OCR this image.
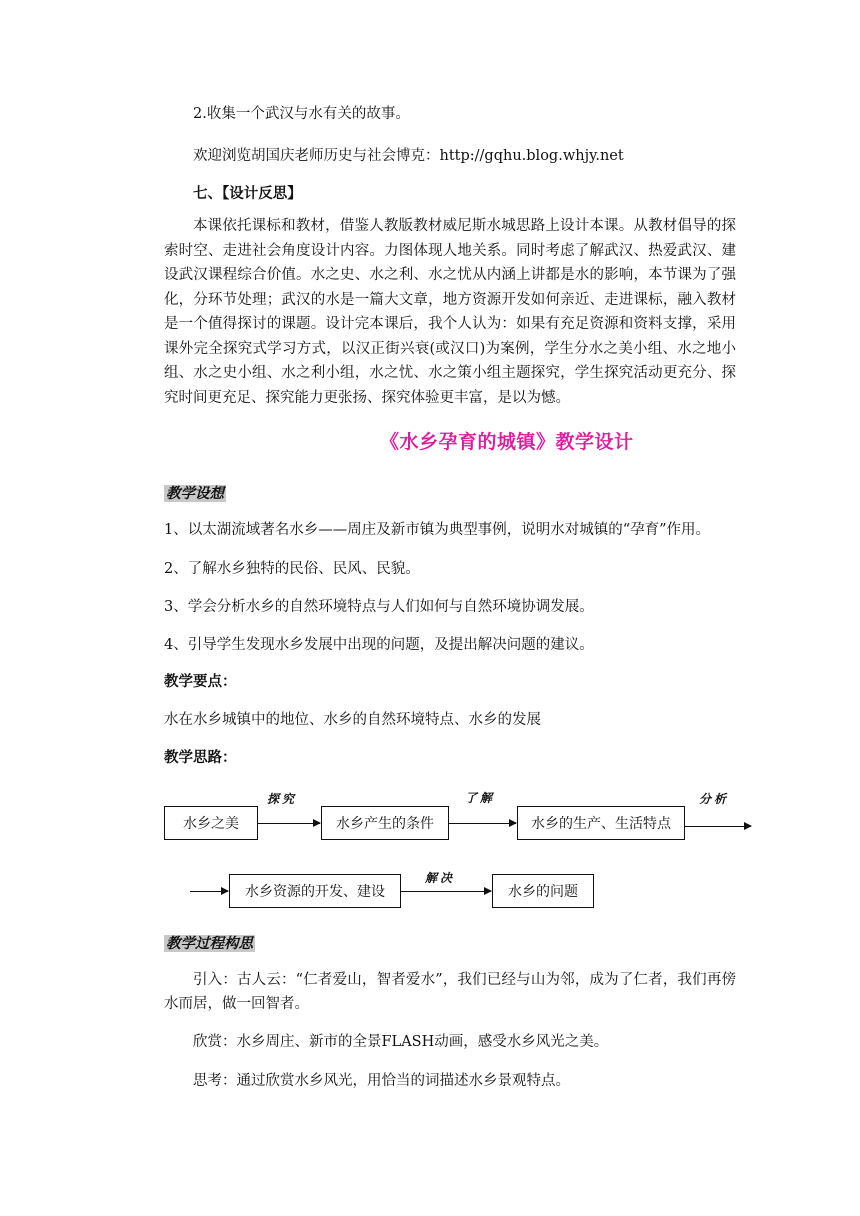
2.收集一个武汉与水有关的故事。

欢迎浏览胡国庆老师历史与社会博克：http://gqhu.blog.whjy.net

七、【设计反思】

本课依托课标和教材，借鉴人教版教材威尼斯水城思路上设计本课。从教材倡导的探索时空、走进社会角度设计内容。力图体现人地关系。同时考虑了解武汉、热爱武汉、建设武汉课程综合价值。水之史、水之利、水之忧从内涵上讲都是水的影响，本节课为了强化，分环节处理；武汉的水是一篇大文章，地方资源开发如何亲近、走进课标，融入教材是一个值得探讨的课题。设计完本课后，我个人认为：如果有充足资源和资料支撑，采用课外完全探究式学习方式，以汉正街兴衰(或汉口)为案例，学生分水之美小组、水之地小组、水之史小组、水之利小组，水之忧、水之策小组主题探究，学生探究活动更充分、探究时间更充足、探究能力更张扬、探究体验更丰富，是以为憾。

《水乡孕育的城镇》教学设计

教学设想

1、以太湖流域著名水乡——周庄及新市镇为典型事例，说明水对城镇的“孕育”作用。

2、了解水乡独特的民俗、民风、民貌。

3、学会分析水乡的自然环境特点与人们如何与自然环境协调发展。

4、引导学生发现水乡发展中出现的问题，及提出解决问题的建议。

教学要点：

水在水乡城镇中的地位、水乡的自然环境特点、水乡的发展

教学思路：

水乡之美
探究
水乡产生的条件
了解
水乡的生产、生活特点
分析
水乡资源的开发、建设
解决
水乡的问题

教学过程构思

引入：古人云：“仁者爱山，智者爱水”，我们已经与山为邻，成为了仁者，我们再傍水而居，做一回智者。

欣赏：水乡周庄、新市的全景FLASH动画，感受水乡风光之美。

思考：通过欣赏水乡风光，用恰当的词描述水乡景观特点。
